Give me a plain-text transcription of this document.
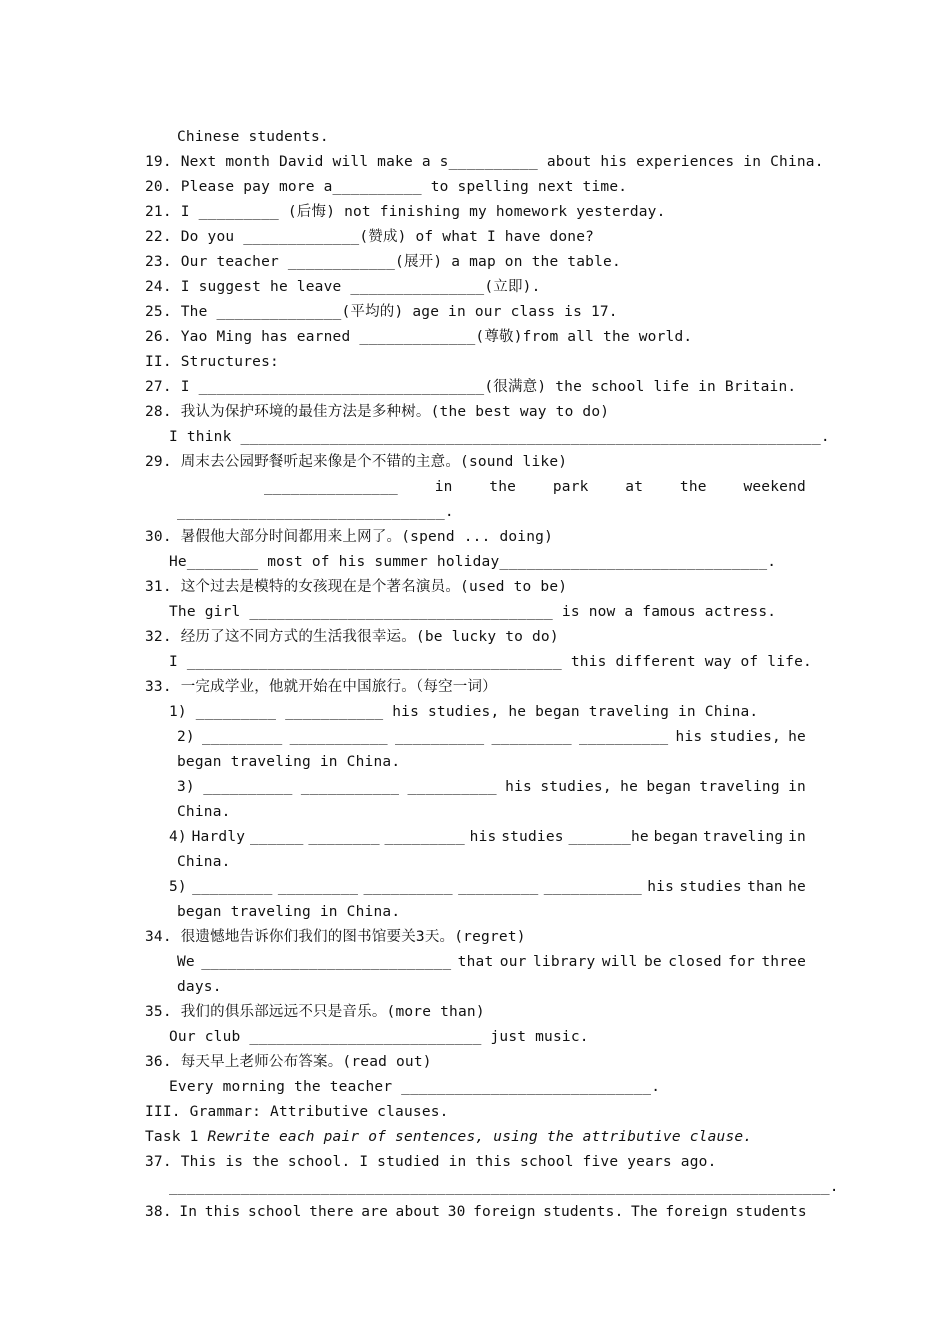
Chinese students.
19. Next month David will make a s__________ about his experiences in China.
20. Please pay more a__________ to spelling next time.
21. I _________ (后悔) not finishing my homework yesterday.
22. Do you _____________(赞成) of what I have done?
23. Our teacher ____________(展开) a map on the table.
24. I suggest he leave _______________(立即).
25. The ______________(平均的) age in our class is 17.
26. Yao Ming has earned _____________(尊敬)from all the world.
II. Structures:
27. I ________________________________(很满意) the school life in Britain.
28. 我认为保护环境的最佳方法是多种树。(the best way to do)
I think _________________________________________________________________.
29. 周末去公园野餐听起来像是个不错的主意。(sound like)
_______________	in	the	park	at	the	weekend
______________________________.
30. 暑假他大部分时间都用来上网了。(spend ... doing)
He________ most of his summer holiday______________________________.
31. 这个过去是模特的女孩现在是个著名演员。(used to be)
The girl __________________________________ is now a famous actress.
32. 经历了这不同方式的生活我很幸运。(be lucky to do)
I __________________________________________ this different way of life.
33. 一完成学业，他就开始在中国旅行。（每空一词）
1) _________ ___________ his studies, he began traveling in China.
2) _________ ___________ __________ _________ __________ his studies, he
began traveling in China.
3) __________ ___________ __________ his studies, he began traveling in
China.
4) Hardly ______ ________ _________ his studies _______he began traveling in
China.
5) _________ _________ __________ _________ ___________ his studies than he
began traveling in China.
34. 很遗憾地告诉你们我们的图书馆要关3天。(regret)
We ____________________________ that our library will be closed for three
days.
35. 我们的俱乐部远远不只是音乐。(more than)
Our club __________________________ just music.
36. 每天早上老师公布答案。(read out)
Every morning the teacher ____________________________.
III. Grammar: Attributive clauses.
Task 1 Rewrite each pair of sentences, using the attributive clause.
37. This is the school. I studied in this school five years ago.
__________________________________________________________________________.
38. In this school there are about 30 foreign students. The foreign students
